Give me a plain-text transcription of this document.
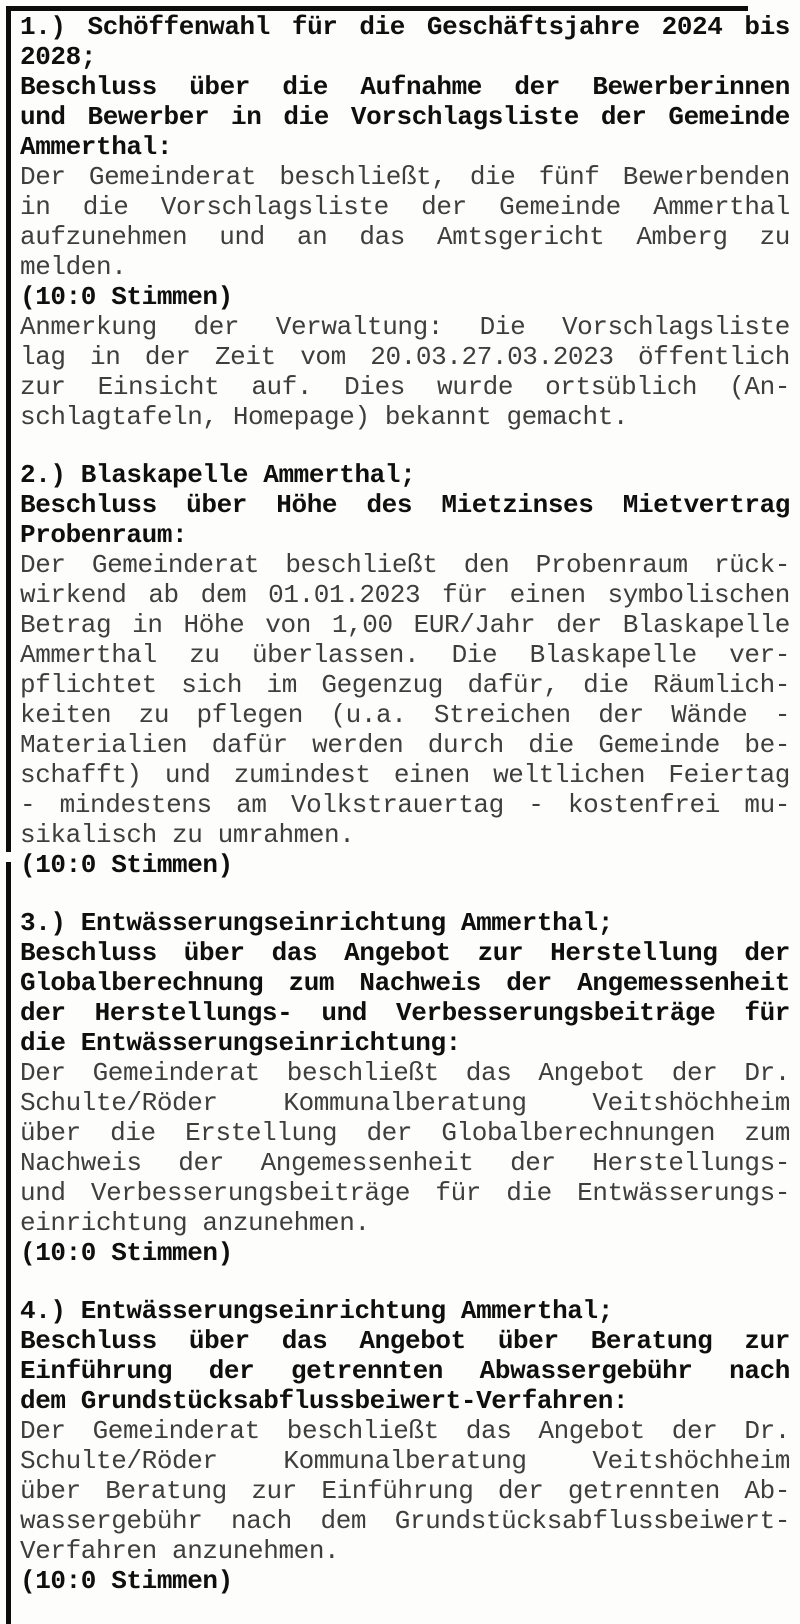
1.) Schöffenwahl für die Geschäftsjahre 2024 bis
2028;
Beschluss über die Aufnahme der Bewerberinnen
und Bewerber in die Vorschlagsliste der Gemeinde
Ammerthal:
Der Gemeinderat beschließt, die fünf Bewerbenden
in die Vorschlagsliste der Gemeinde Ammerthal
aufzunehmen und an das Amtsgericht Amberg zu
melden.
(10:0 Stimmen)
Anmerkung der Verwaltung: Die Vorschlagsliste
lag in der Zeit vom 20.03.27.03.2023 öffentlich
zur Einsicht auf. Dies wurde ortsüblich (An-
schlagtafeln, Homepage) bekannt gemacht.
2.) Blaskapelle Ammerthal;
Beschluss über Höhe des Mietzinses Mietvertrag
Probenraum:
Der Gemeinderat beschließt den Probenraum rück-
wirkend ab dem 01.01.2023 für einen symbolischen
Betrag in Höhe von 1,00 EUR/Jahr der Blaskapelle
Ammerthal zu überlassen. Die Blaskapelle ver-
pflichtet sich im Gegenzug dafür, die Räumlich-
keiten zu pflegen (u.a. Streichen der Wände -
Materialien dafür werden durch die Gemeinde be-
schafft) und zumindest einen weltlichen Feiertag
- mindestens am Volkstrauertag - kostenfrei mu-
sikalisch zu umrahmen.
(10:0 Stimmen)
3.) Entwässerungseinrichtung Ammerthal;
Beschluss über das Angebot zur Herstellung der
Globalberechnung zum Nachweis der Angemessenheit
der Herstellungs- und Verbesserungsbeiträge für
die Entwässerungseinrichtung:
Der Gemeinderat beschließt das Angebot der Dr.
Schulte/Röder Kommunalberatung Veitshöchheim
über die Erstellung der Globalberechnungen zum
Nachweis der Angemessenheit der Herstellungs-
und Verbesserungsbeiträge für die Entwässerungs-
einrichtung anzunehmen.
(10:0 Stimmen)
4.) Entwässerungseinrichtung Ammerthal;
Beschluss über das Angebot über Beratung zur
Einführung der getrennten Abwassergebühr nach
dem Grundstücksabflussbeiwert-Verfahren:
Der Gemeinderat beschließt das Angebot der Dr.
Schulte/Röder Kommunalberatung Veitshöchheim
über Beratung zur Einführung der getrennten Ab-
wassergebühr nach dem Grundstücksabflussbeiwert-
Verfahren anzunehmen.
(10:0 Stimmen)
